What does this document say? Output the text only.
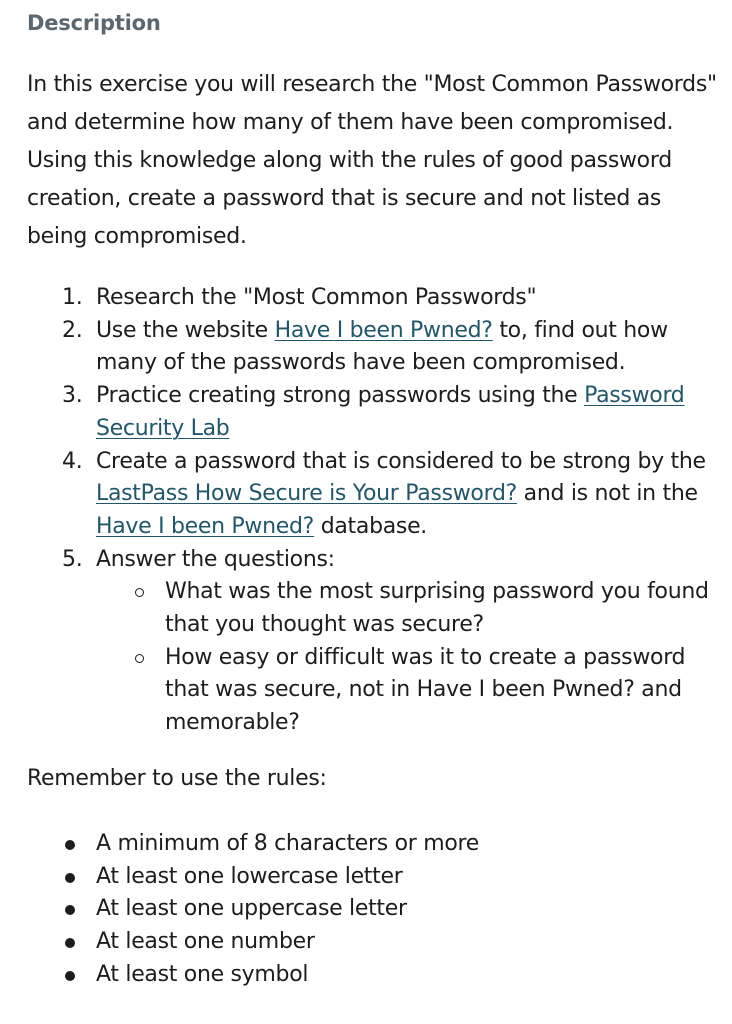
Description
In this exercise you will research the "Most Common Passwords" and determine how many of them have been compromised. Using this knowledge along with the rules of good password creation, create a password that is secure and not listed as being compromised.
1. Research the "Most Common Passwords"
2. Use the website Have I been Pwned? to, find out how many of the passwords have been compromised.
3. Practice creating strong passwords using the Password Security Lab
4. Create a password that is considered to be strong by the LastPass How Secure is Your Password? and is not in the Have I been Pwned? database.
5. Answer the questions:
What was the most surprising password you found that you thought was secure?
How easy or difficult was it to create a password that was secure, not in Have I been Pwned? and memorable?
Remember to use the rules:
A minimum of 8 characters or more
At least one lowercase letter
At least one uppercase letter
At least one number
At least one symbol
